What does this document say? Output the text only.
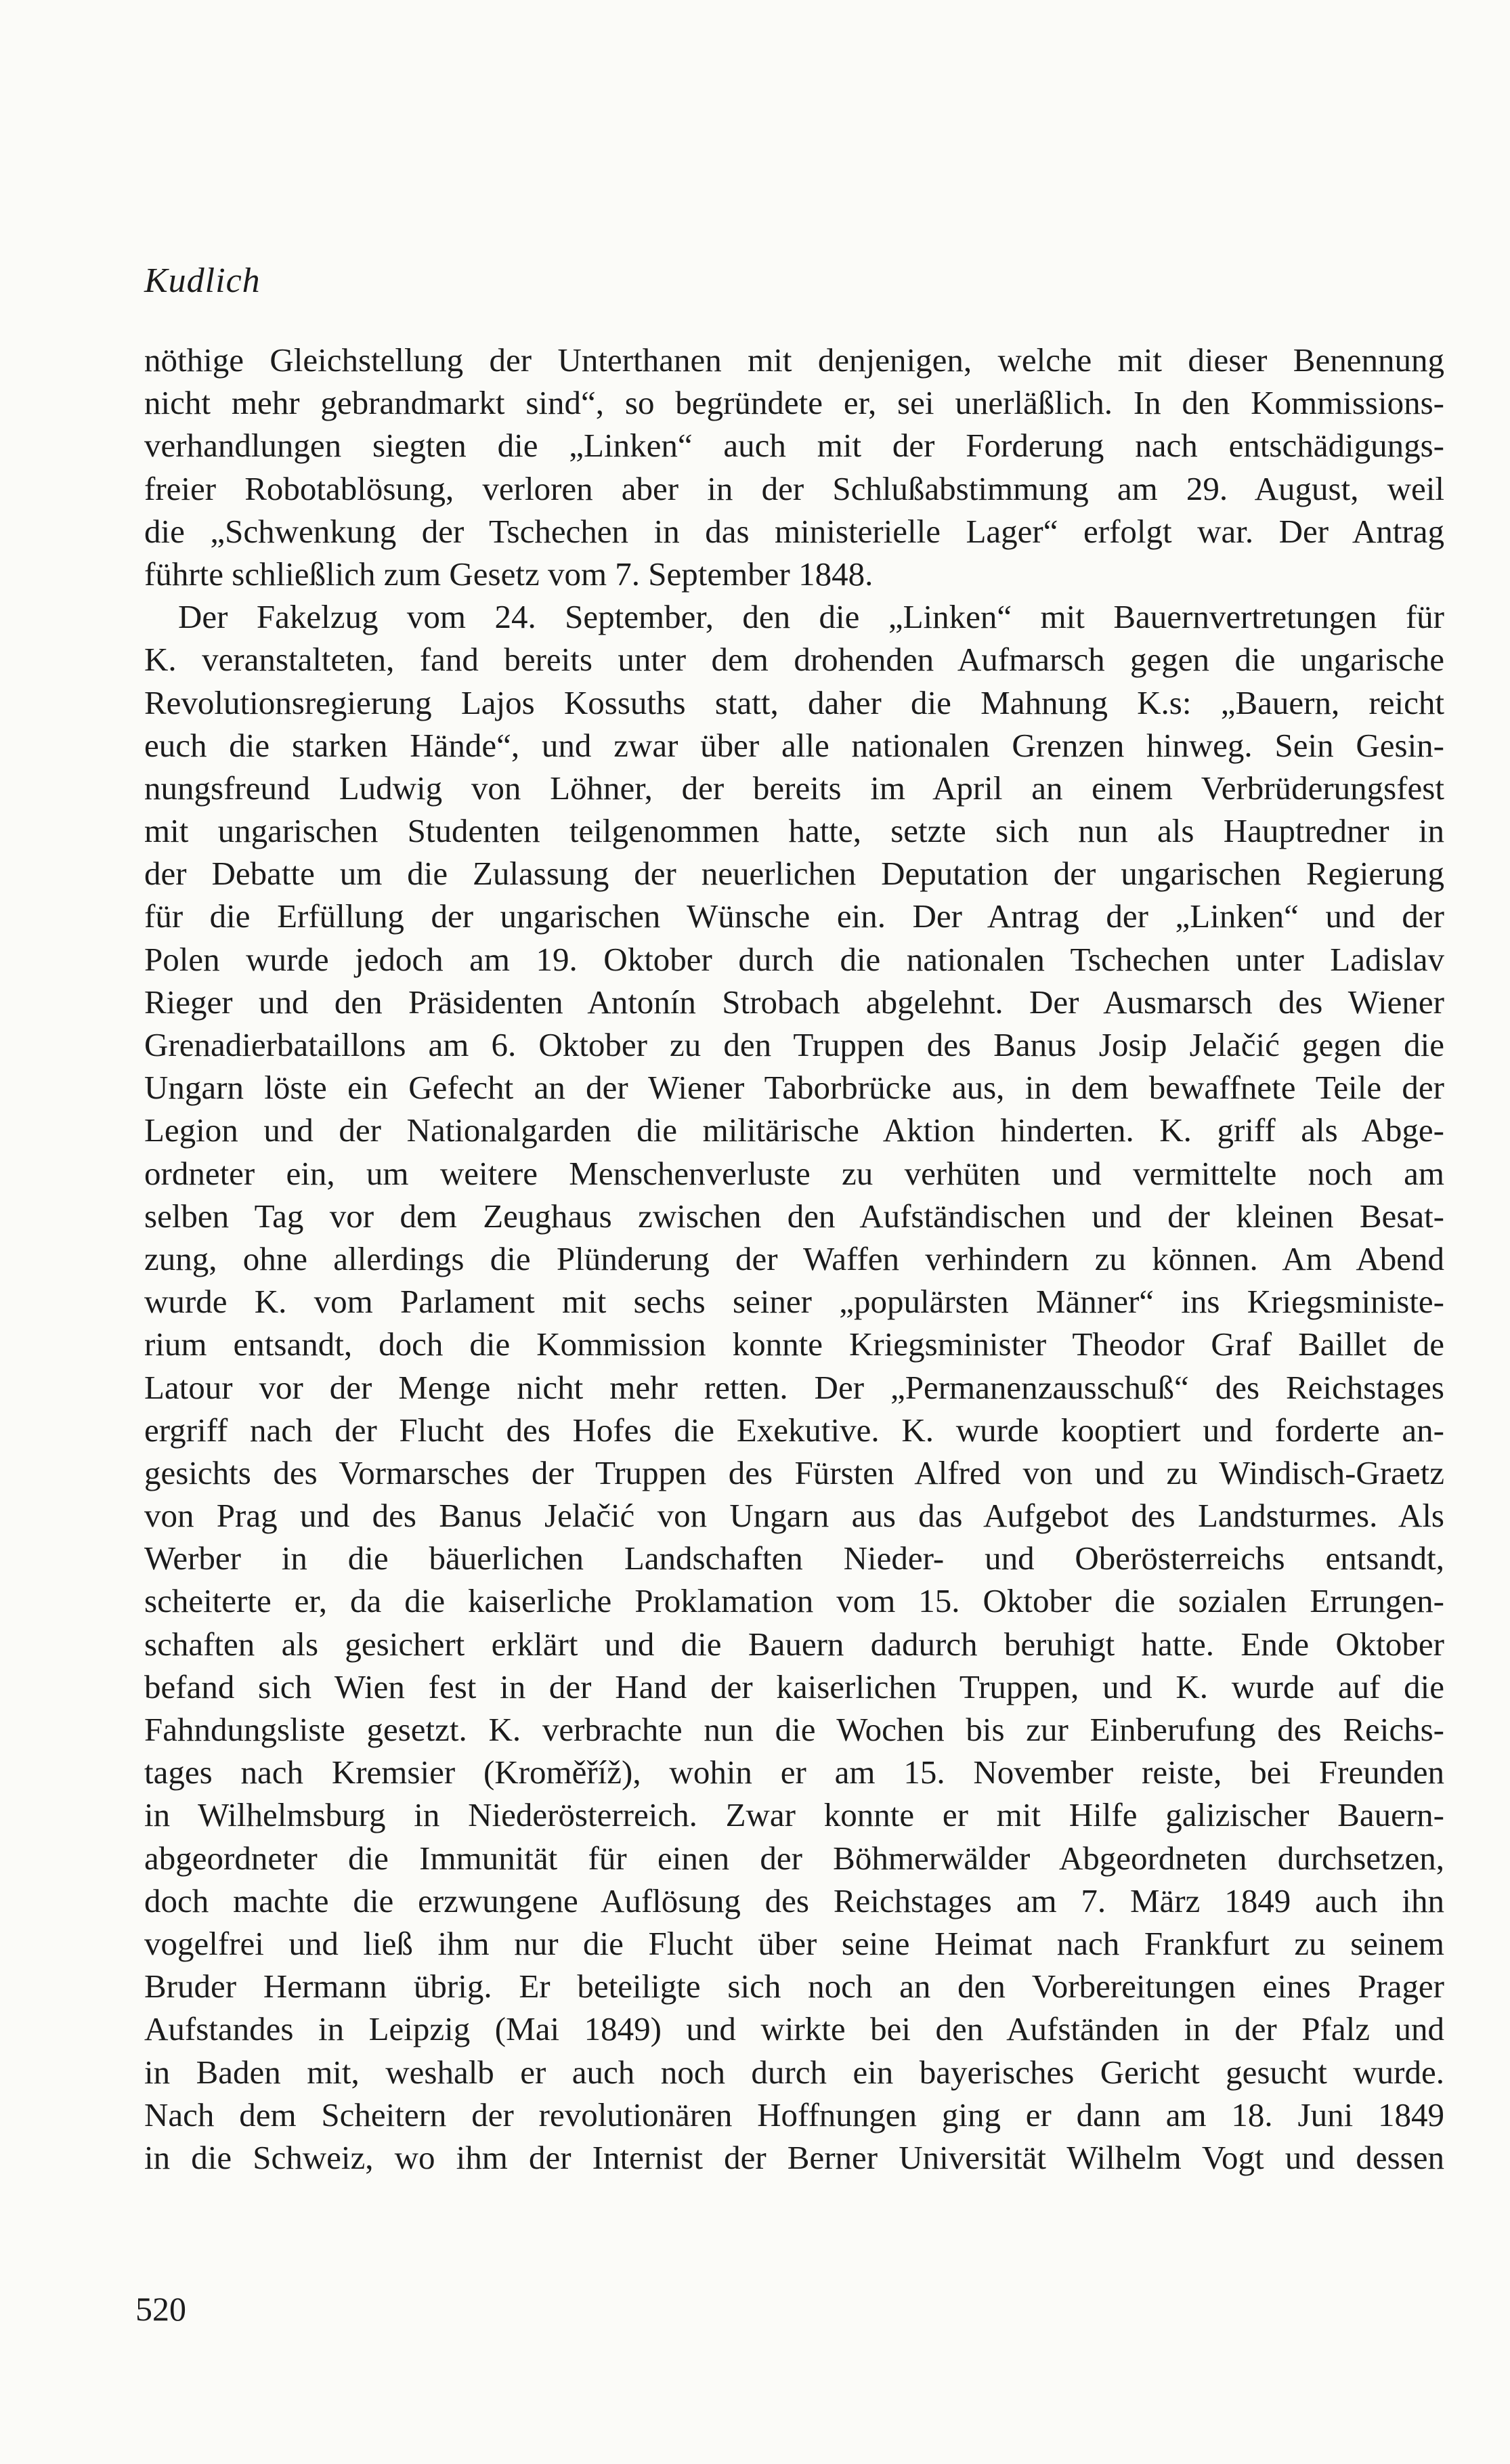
Kudlich
nöthige Gleichstellung der Unterthanen mit denjenigen, welche mit dieser Benennung
nicht mehr gebrandmarkt sind“, so begründete er, sei unerläßlich. In den Kommissions-
verhandlungen siegten die „Linken“ auch mit der Forderung nach entschädigungs-
freier Robotablösung, verloren aber in der Schlußabstimmung am 29. August, weil
die „Schwenkung der Tschechen in das ministerielle Lager“ erfolgt war. Der Antrag
führte schließlich zum Gesetz vom 7. September 1848.
Der Fakelzug vom 24. September, den die „Linken“ mit Bauernvertretungen für
K. veranstalteten, fand bereits unter dem drohenden Aufmarsch gegen die ungarische
Revolutionsregierung Lajos Kossuths statt, daher die Mahnung K.s: „Bauern, reicht
euch die starken Hände“, und zwar über alle nationalen Grenzen hinweg. Sein Gesin-
nungsfreund Ludwig von Löhner, der bereits im April an einem Verbrüderungsfest
mit ungarischen Studenten teilgenommen hatte, setzte sich nun als Hauptredner in
der Debatte um die Zulassung der neuerlichen Deputation der ungarischen Regierung
für die Erfüllung der ungarischen Wünsche ein. Der Antrag der „Linken“ und der
Polen wurde jedoch am 19. Oktober durch die nationalen Tschechen unter Ladislav
Rieger und den Präsidenten Antonín Strobach abgelehnt. Der Ausmarsch des Wiener
Grenadierbataillons am 6. Oktober zu den Truppen des Banus Josip Jelačić gegen die
Ungarn löste ein Gefecht an der Wiener Taborbrücke aus, in dem bewaffnete Teile der
Legion und der Nationalgarden die militärische Aktion hinderten. K. griff als Abge-
ordneter ein, um weitere Menschenverluste zu verhüten und vermittelte noch am
selben Tag vor dem Zeughaus zwischen den Aufständischen und der kleinen Besat-
zung, ohne allerdings die Plünderung der Waffen verhindern zu können. Am Abend
wurde K. vom Parlament mit sechs seiner „populärsten Männer“ ins Kriegsministe-
rium entsandt, doch die Kommission konnte Kriegsminister Theodor Graf Baillet de
Latour vor der Menge nicht mehr retten. Der „Permanenzausschuß“ des Reichstages
ergriff nach der Flucht des Hofes die Exekutive. K. wurde kooptiert und forderte an-
gesichts des Vormarsches der Truppen des Fürsten Alfred von und zu Windisch-Graetz
von Prag und des Banus Jelačić von Ungarn aus das Aufgebot des Landsturmes. Als
Werber in die bäuerlichen Landschaften Nieder- und Oberösterreichs entsandt,
scheiterte er, da die kaiserliche Proklamation vom 15. Oktober die sozialen Errungen-
schaften als gesichert erklärt und die Bauern dadurch beruhigt hatte. Ende Oktober
befand sich Wien fest in der Hand der kaiserlichen Truppen, und K. wurde auf die
Fahndungsliste gesetzt. K. verbrachte nun die Wochen bis zur Einberufung des Reichs-
tages nach Kremsier (Kroměříž), wohin er am 15. November reiste, bei Freunden
in Wilhelmsburg in Niederösterreich. Zwar konnte er mit Hilfe galizischer Bauern-
abgeordneter die Immunität für einen der Böhmerwälder Abgeordneten durchsetzen,
doch machte die erzwungene Auflösung des Reichstages am 7. März 1849 auch ihn
vogelfrei und ließ ihm nur die Flucht über seine Heimat nach Frankfurt zu seinem
Bruder Hermann übrig. Er beteiligte sich noch an den Vorbereitungen eines Prager
Aufstandes in Leipzig (Mai 1849) und wirkte bei den Aufständen in der Pfalz und
in Baden mit, weshalb er auch noch durch ein bayerisches Gericht gesucht wurde.
Nach dem Scheitern der revolutionären Hoffnungen ging er dann am 18. Juni 1849
in die Schweiz, wo ihm der Internist der Berner Universität Wilhelm Vogt und dessen
520
